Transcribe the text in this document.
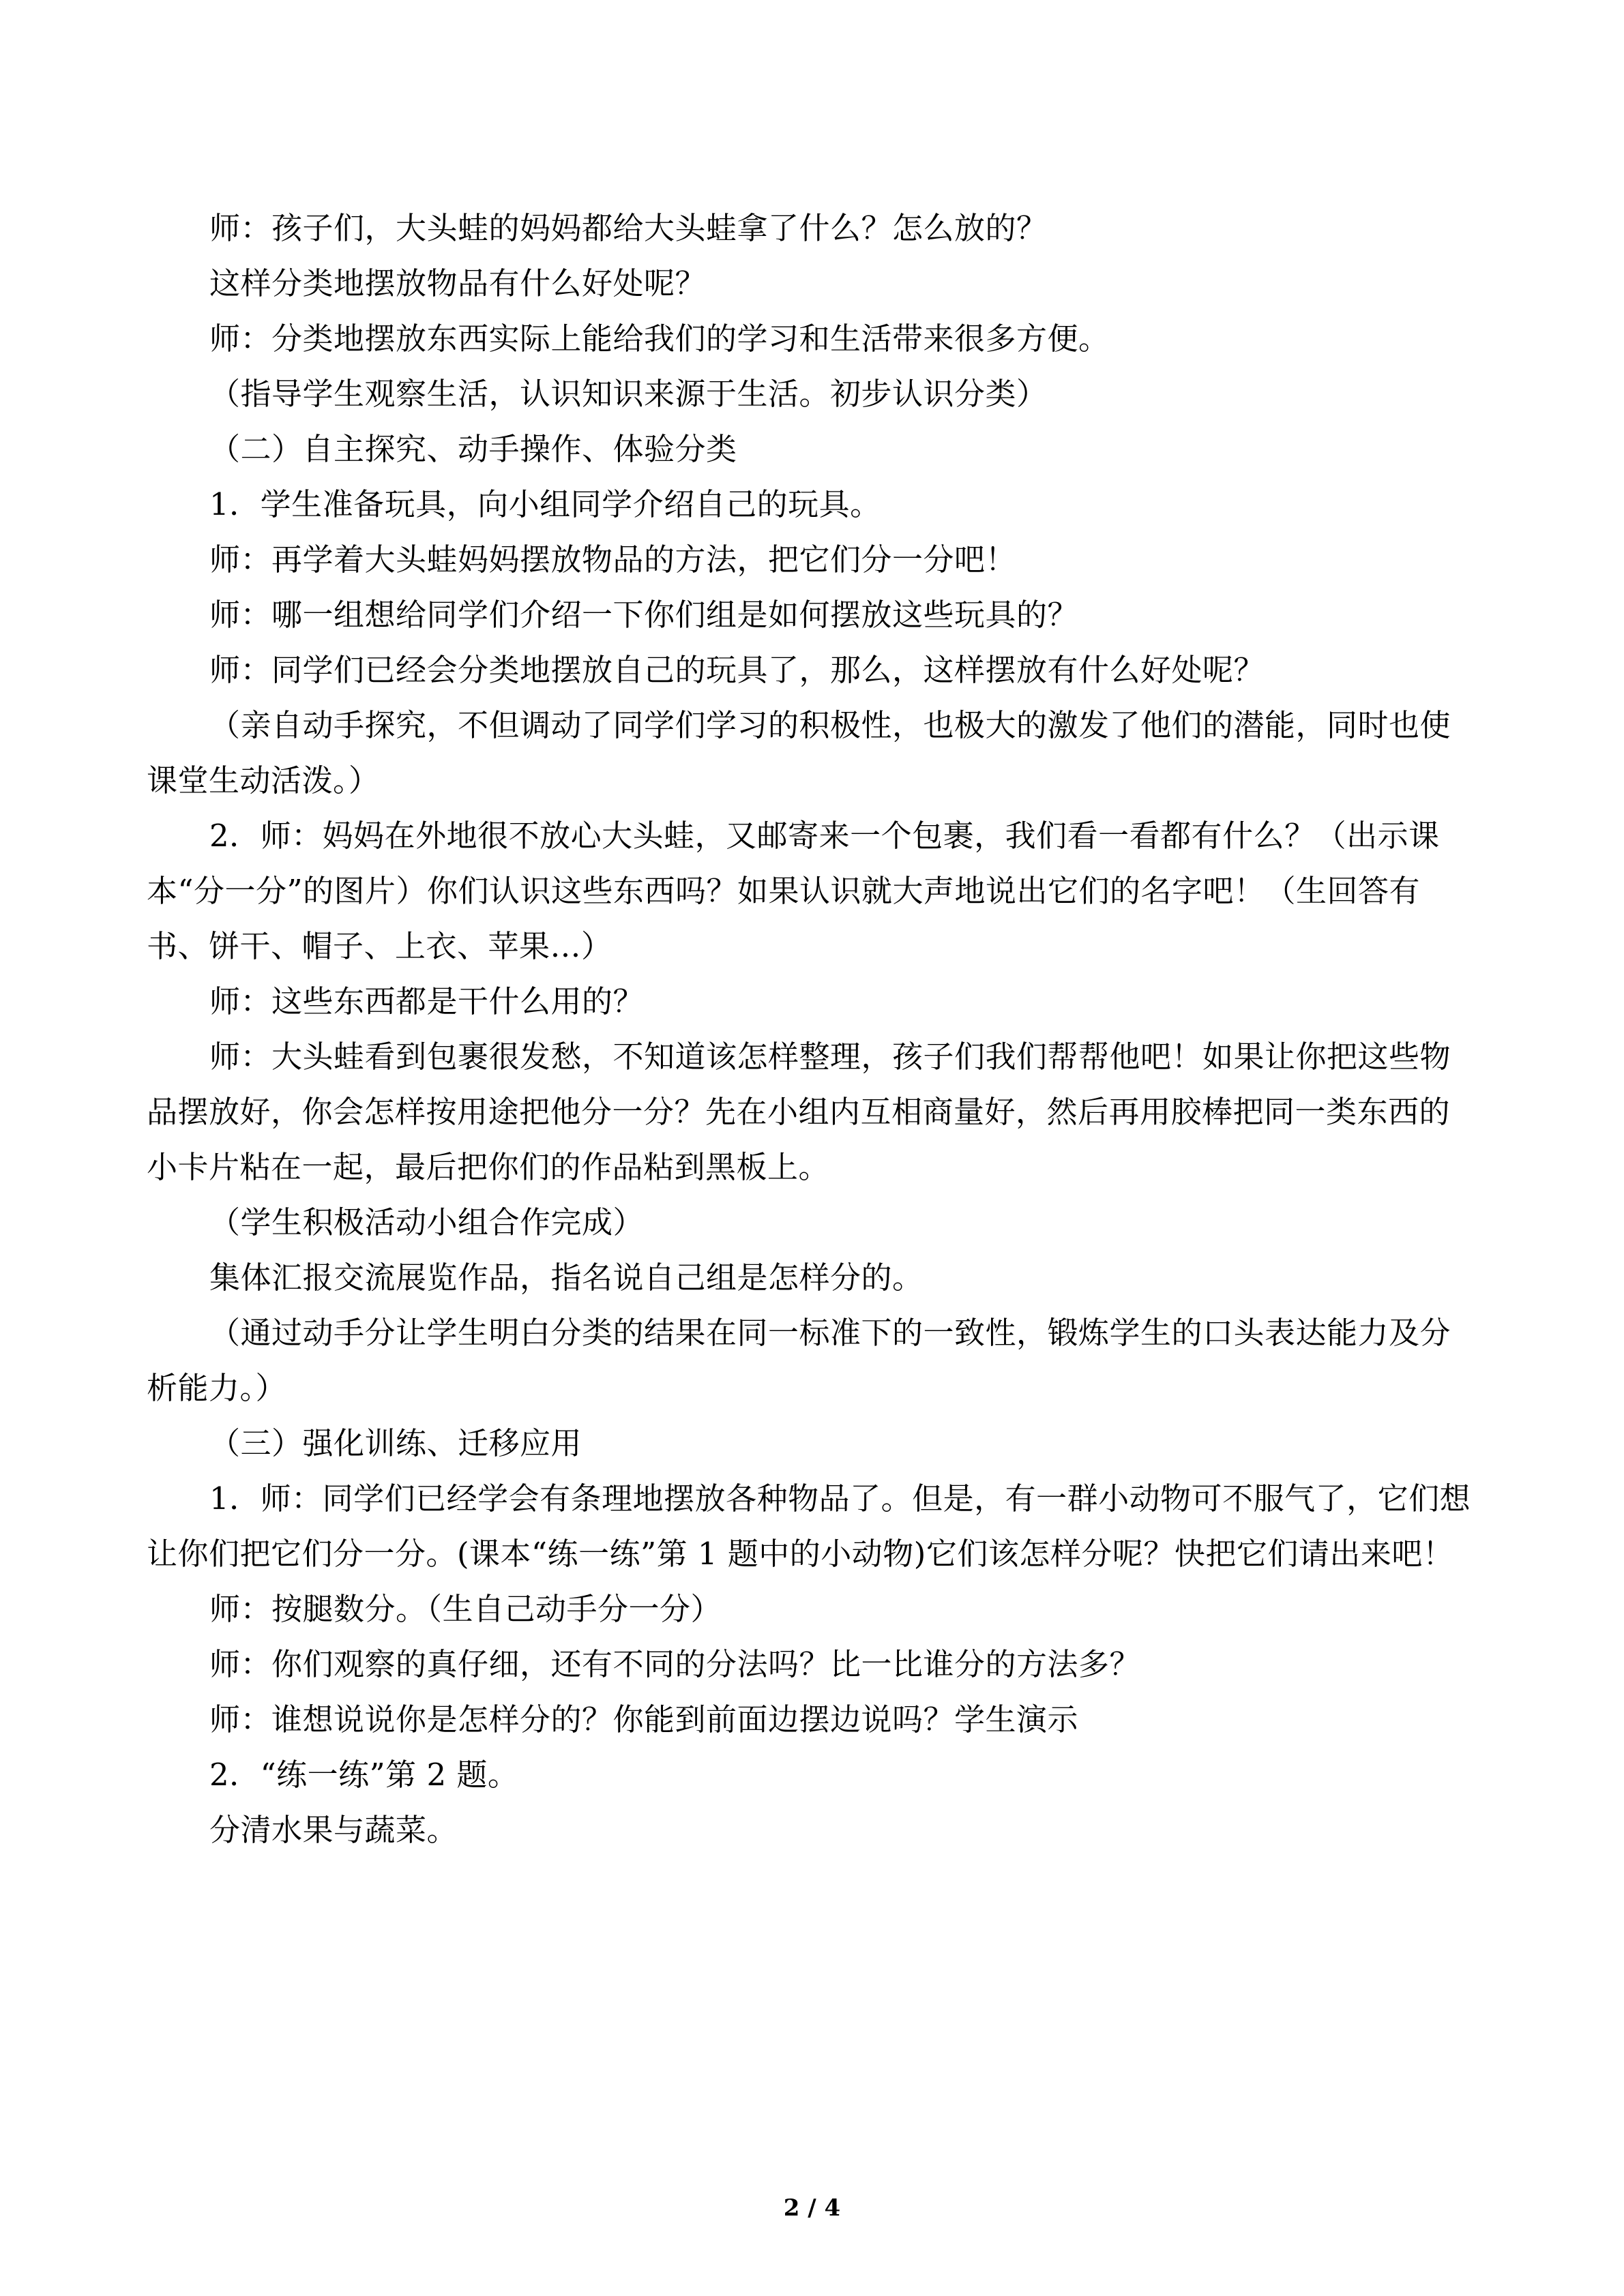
师：孩子们，大头蛙的妈妈都给大头蛙拿了什么？怎么放的？

这样分类地摆放物品有什么好处呢？

师：分类地摆放东西实际上能给我们的学习和生活带来很多方便。

（指导学生观察生活，认识知识来源于生活。初步认识分类）

（二）自主探究、动手操作、体验分类

1．学生准备玩具，向小组同学介绍自己的玩具。

师：再学着大头蛙妈妈摆放物品的方法，把它们分一分吧！

师：哪一组想给同学们介绍一下你们组是如何摆放这些玩具的？

师：同学们已经会分类地摆放自己的玩具了，那么，这样摆放有什么好处呢？

（亲自动手探究，不但调动了同学们学习的积极性，也极大的激发了他们的潜能，同时也使课堂生动活泼。）

2．师：妈妈在外地很不放心大头蛙，又邮寄来一个包裹，我们看一看都有什么？（出示课本“分一分”的图片）你们认识这些东西吗？如果认识就大声地说出它们的名字吧！（生回答有书、饼干、帽子、上衣、苹果…）

师：这些东西都是干什么用的？

师：大头蛙看到包裹很发愁，不知道该怎样整理，孩子们我们帮帮他吧！如果让你把这些物品摆放好，你会怎样按用途把他分一分？先在小组内互相商量好，然后再用胶棒把同一类东西的小卡片粘在一起，最后把你们的作品粘到黑板上。

（学生积极活动小组合作完成）

集体汇报交流展览作品，指名说自己组是怎样分的。

（通过动手分让学生明白分类的结果在同一标准下的一致性，锻炼学生的口头表达能力及分析能力。）

（三）强化训练、迁移应用

1．师：同学们已经学会有条理地摆放各种物品了。但是，有一群小动物可不服气了，它们想让你们把它们分一分。(课本“练一练”第 1 题中的小动物)它们该怎样分呢？快把它们请出来吧！

师：按腿数分。（生自己动手分一分）

师：你们观察的真仔细，还有不同的分法吗？比一比谁分的方法多？

师：谁想说说你是怎样分的？你能到前面边摆边说吗？学生演示

2．“练一练”第 2 题。

分清水果与蔬菜。

2 / 4
